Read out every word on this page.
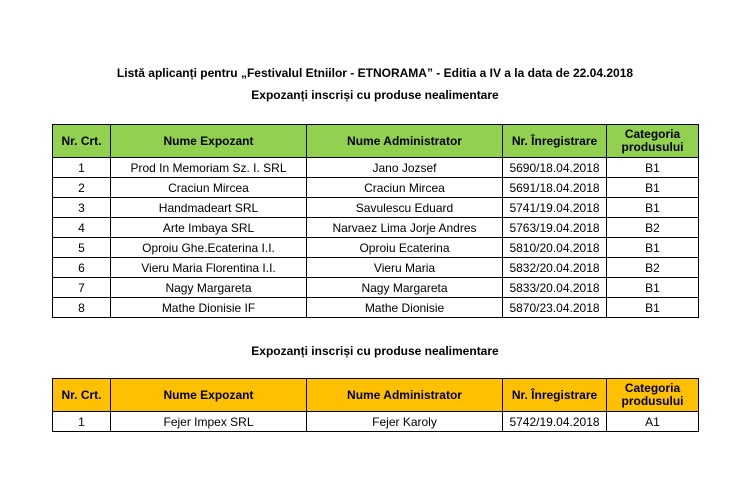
Listă aplicanți pentru „Festivalul Etniilor - ETNORAMA” - Editia a IV a la data de 22.04.2018
Expozanți inscriși cu produse nealimentare
Nr. Crt.	Nume Expozant	Nume Administrator	Nr. Înregistrare	Categoria produsului
1	Prod In Memoriam Sz. I. SRL	Jano Jozsef	5690/18.04.2018	B1
2	Craciun Mircea	Craciun Mircea	5691/18.04.2018	B1
3	Handmadeart SRL	Savulescu Eduard	5741/19.04.2018	B1
4	Arte Imbaya SRL	Narvaez Lima Jorje Andres	5763/19.04.2018	B2
5	Oproiu Ghe.Ecaterina I.I.	Oproiu Ecaterina	5810/20.04.2018	B1
6	Vieru Maria Florentina I.I.	Vieru Maria	5832/20.04.2018	B2
7	Nagy Margareta	Nagy Margareta	5833/20.04.2018	B1
8	Mathe Dionisie IF	Mathe Dionisie	5870/23.04.2018	B1
Expozanți inscriși cu produse nealimentare
Nr. Crt.	Nume Expozant	Nume Administrator	Nr. Înregistrare	Categoria produsului
1	Fejer Impex SRL	Fejer Karoly	5742/19.04.2018	A1
